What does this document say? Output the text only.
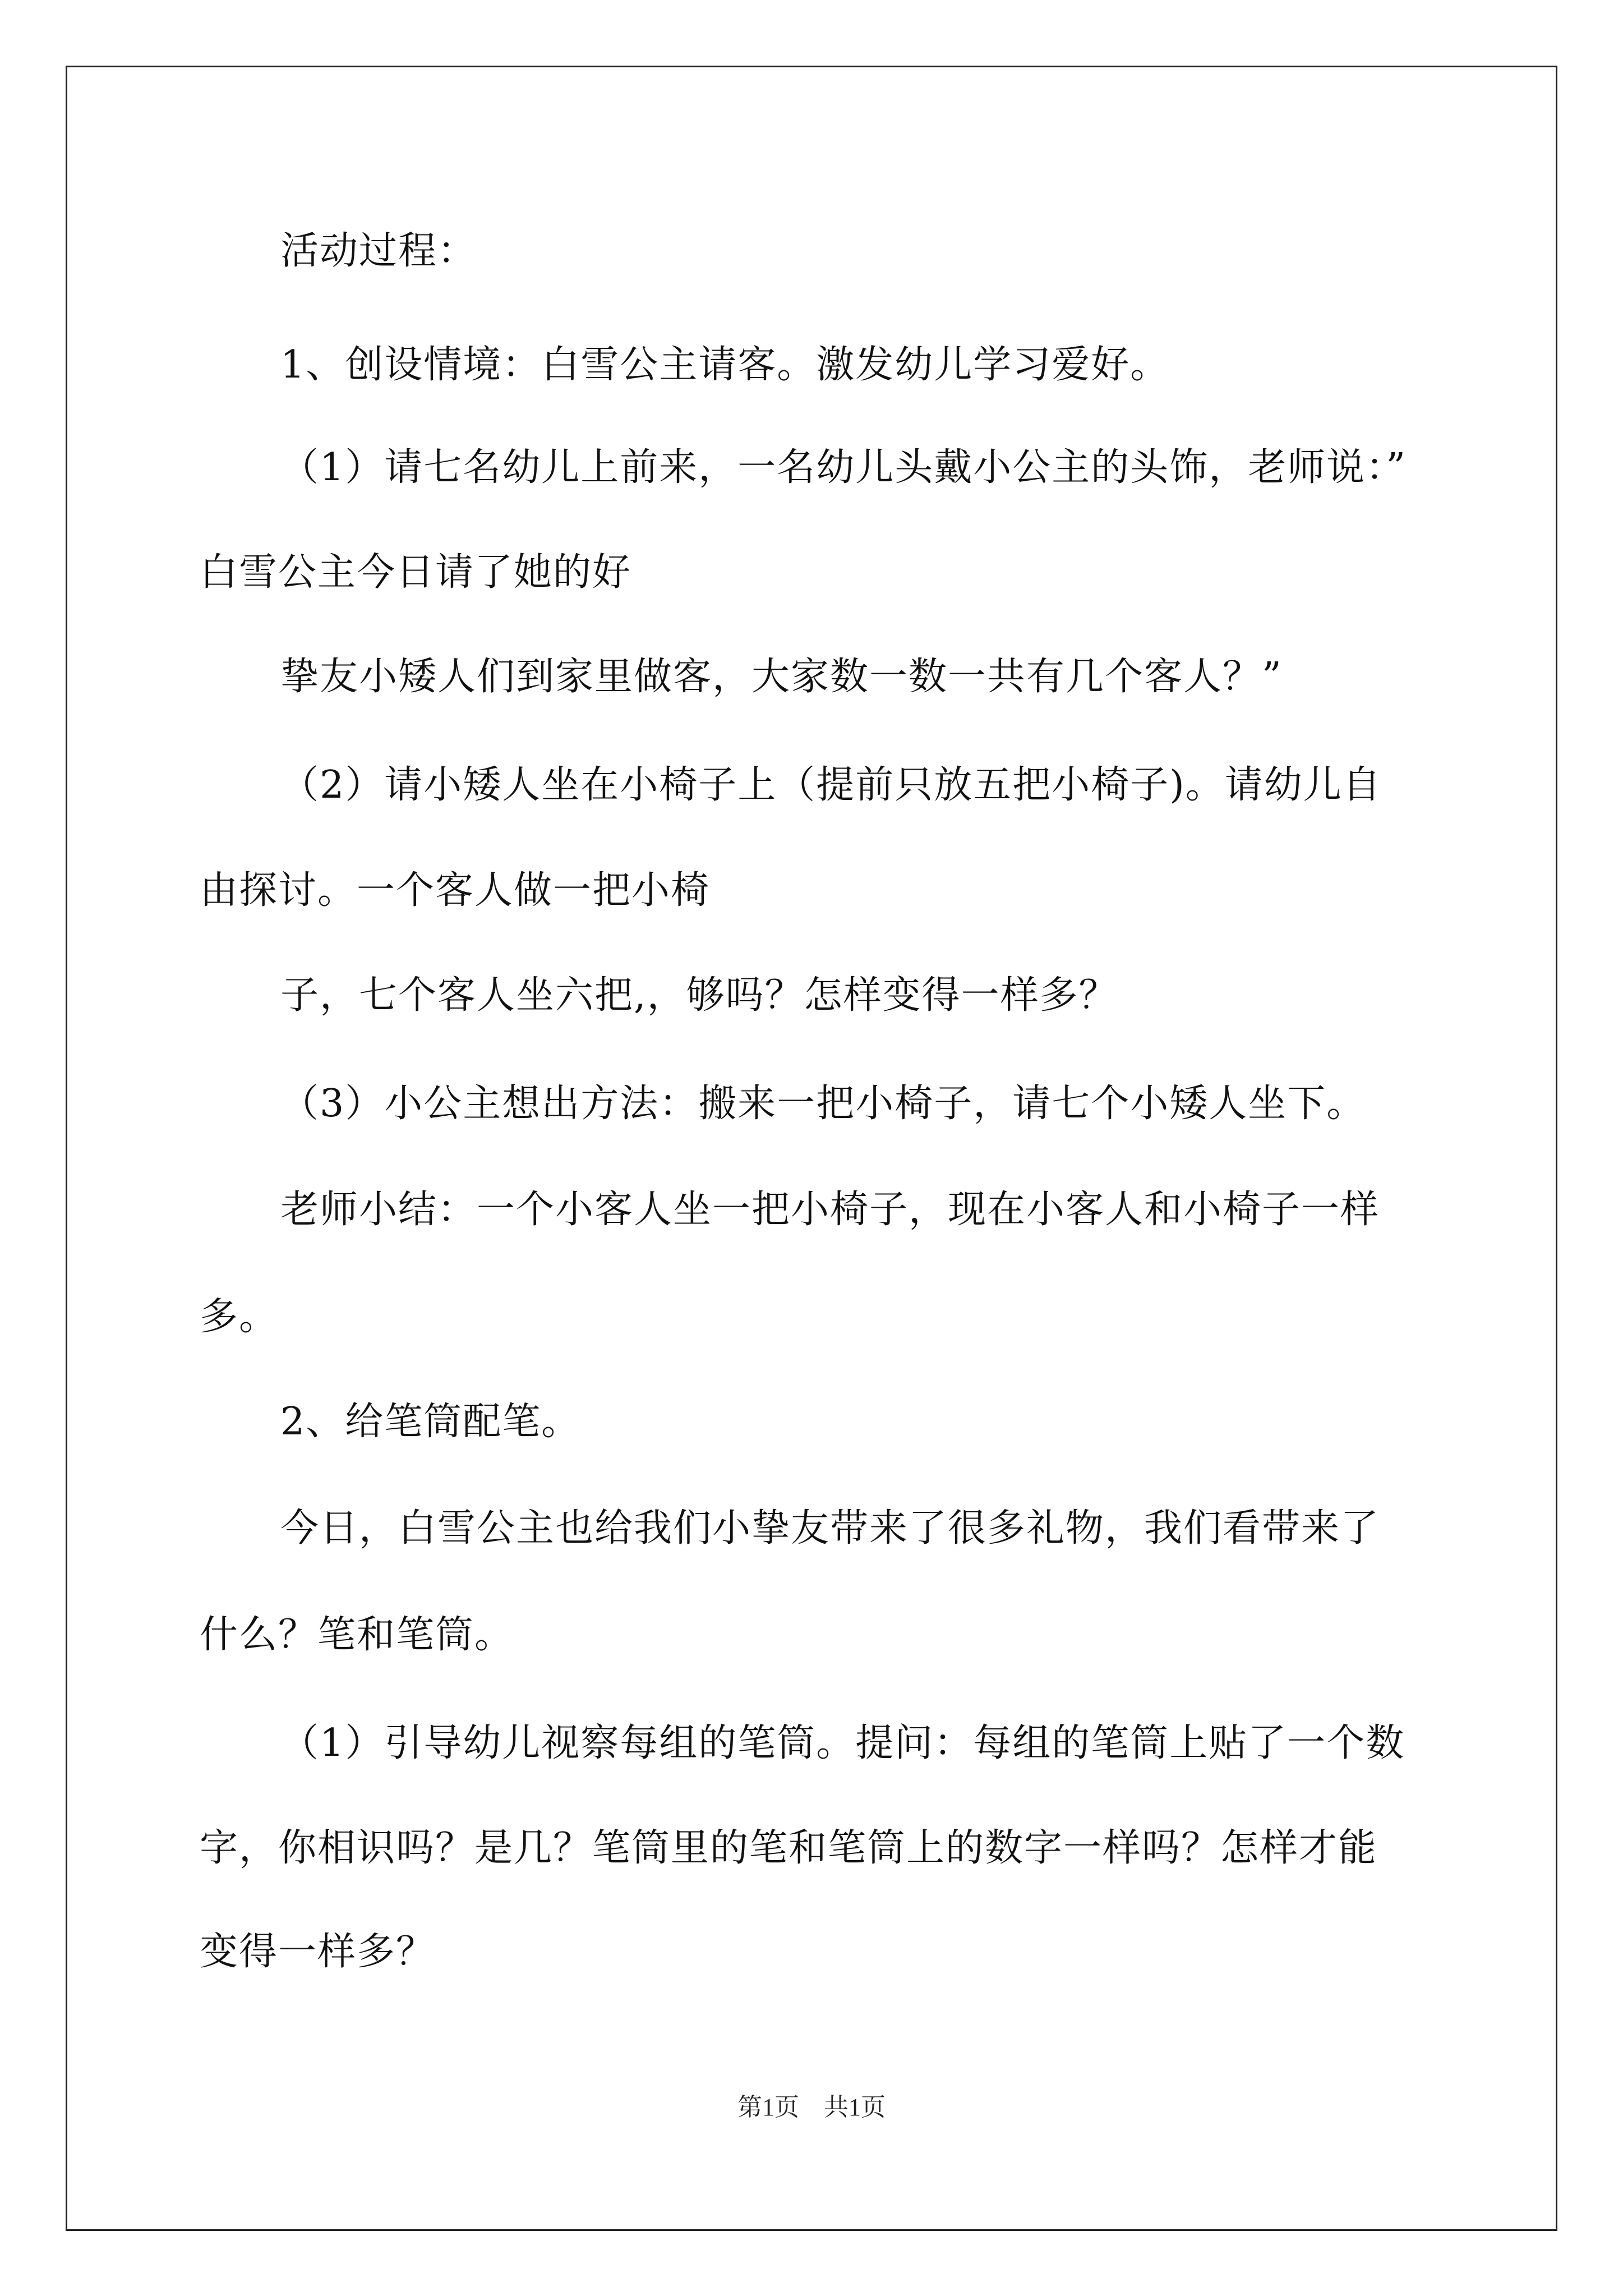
活动过程：
1、创设情境：白雪公主请客。激发幼儿学习爱好。
（1）请七名幼儿上前来，一名幼儿头戴小公主的头饰，老师说：”
白雪公主今日请了她的好
挚友小矮人们到家里做客，大家数一数一共有几个客人？”
（2）请小矮人坐在小椅子上（提前只放五把小椅子)。请幼儿自
由探讨。一个客人做一把小椅
子，七个客人坐六把,，够吗？怎样变得一样多？
（3）小公主想出方法：搬来一把小椅子，请七个小矮人坐下。
老师小结：一个小客人坐一把小椅子，现在小客人和小椅子一样
多。
2、给笔筒配笔。
今日，白雪公主也给我们小挚友带来了很多礼物，我们看带来了
什么？笔和笔筒。
（1）引导幼儿视察每组的笔筒。提问：每组的笔筒上贴了一个数
字，你相识吗？是几？笔筒里的笔和笔筒上的数字一样吗？怎样才能
变得一样多？
第1页　共1页
